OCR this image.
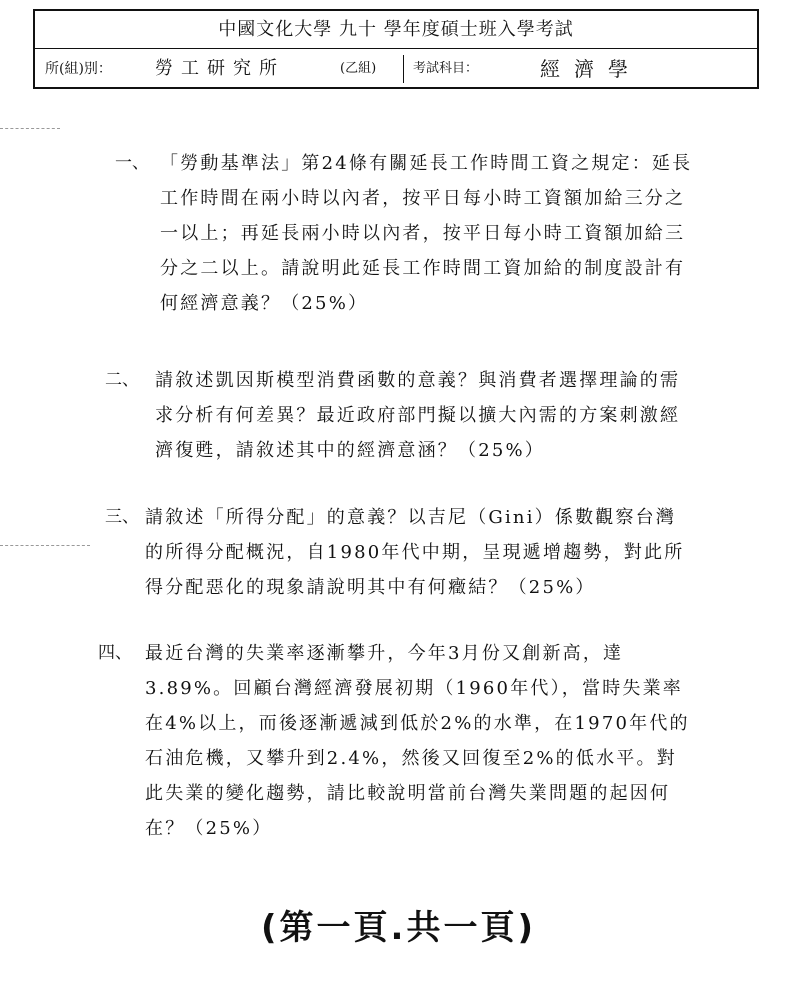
中國文化大學 九十 學年度碩士班入學考試
所(組)別： 勞工研究所	(乙組)	考試科目：	經濟學
一、 「勞動基準法」第24條有關延長工作時間工資之規定：延長工作時間在兩小時以內者，按平日每小時工資額加給三分之一以上；再延長兩小時以內者，按平日每小時工資額加給三分之二以上。請說明此延長工作時間工資加給的制度設計有何經濟意義？（25%）
二、 請敘述凱因斯模型消費函數的意義？與消費者選擇理論的需求分析有何差異？最近政府部門擬以擴大內需的方案刺激經濟復甦，請敘述其中的經濟意涵？（25%）
三、 請敘述「所得分配」的意義？以吉尼（Gini）係數觀察台灣的所得分配概況，自1980年代中期，呈現遞增趨勢，對此所得分配惡化的現象請說明其中有何癥結？（25%）
四、 最近台灣的失業率逐漸攀升，今年3月份又創新高，達3.89%。回顧台灣經濟發展初期（1960年代），當時失業率在4%以上，而後逐漸遞減到低於2%的水準，在1970年代的石油危機，又攀升到2.4%，然後又回復至2%的低水平。對此失業的變化趨勢，請比較說明當前台灣失業問題的起因何在？（25%）
(第一頁.共一頁)
